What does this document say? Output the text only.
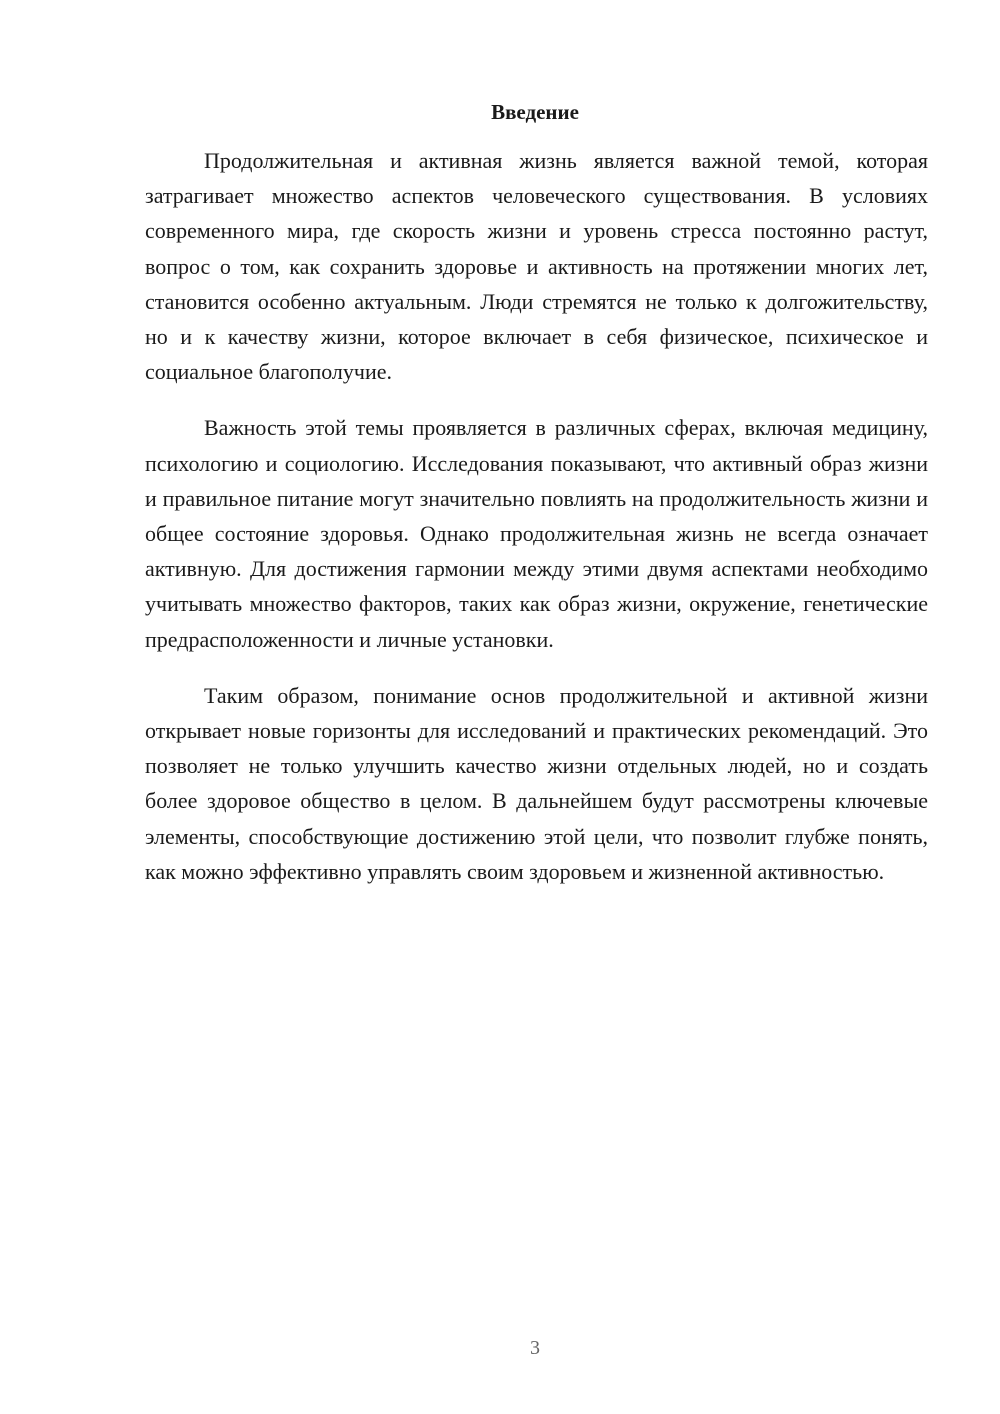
Введение

Продолжительная и активная жизнь является важной темой, которая затрагивает множество аспектов человеческого существования. В условиях современного мира, где скорость жизни и уровень стресса постоянно растут, вопрос о том, как сохранить здоровье и активность на протяжении многих лет, становится особенно актуальным. Люди стремятся не только к долгожительству, но и к качеству жизни, которое включает в себя физическое, психическое и социальное благополучие.

Важность этой темы проявляется в различных сферах, включая медицину, психологию и социологию. Исследования показывают, что активный образ жизни и правильное питание могут значительно повлиять на продолжительность жизни и общее состояние здоровья. Однако продолжительная жизнь не всегда означает активную. Для достижения гармонии между этими двумя аспектами необходимо учитывать множество факторов, таких как образ жизни, окружение, генетические предрасположенности и личные установки.

Таким образом, понимание основ продолжительной и активной жизни открывает новые горизонты для исследований и практических рекомендаций. Это позволяет не только улучшить качество жизни отдельных людей, но и создать более здоровое общество в целом. В дальнейшем будут рассмотрены ключевые элементы, способствующие достижению этой цели, что позволит глубже понять, как можно эффективно управлять своим здоровьем и жизненной активностью.

3
